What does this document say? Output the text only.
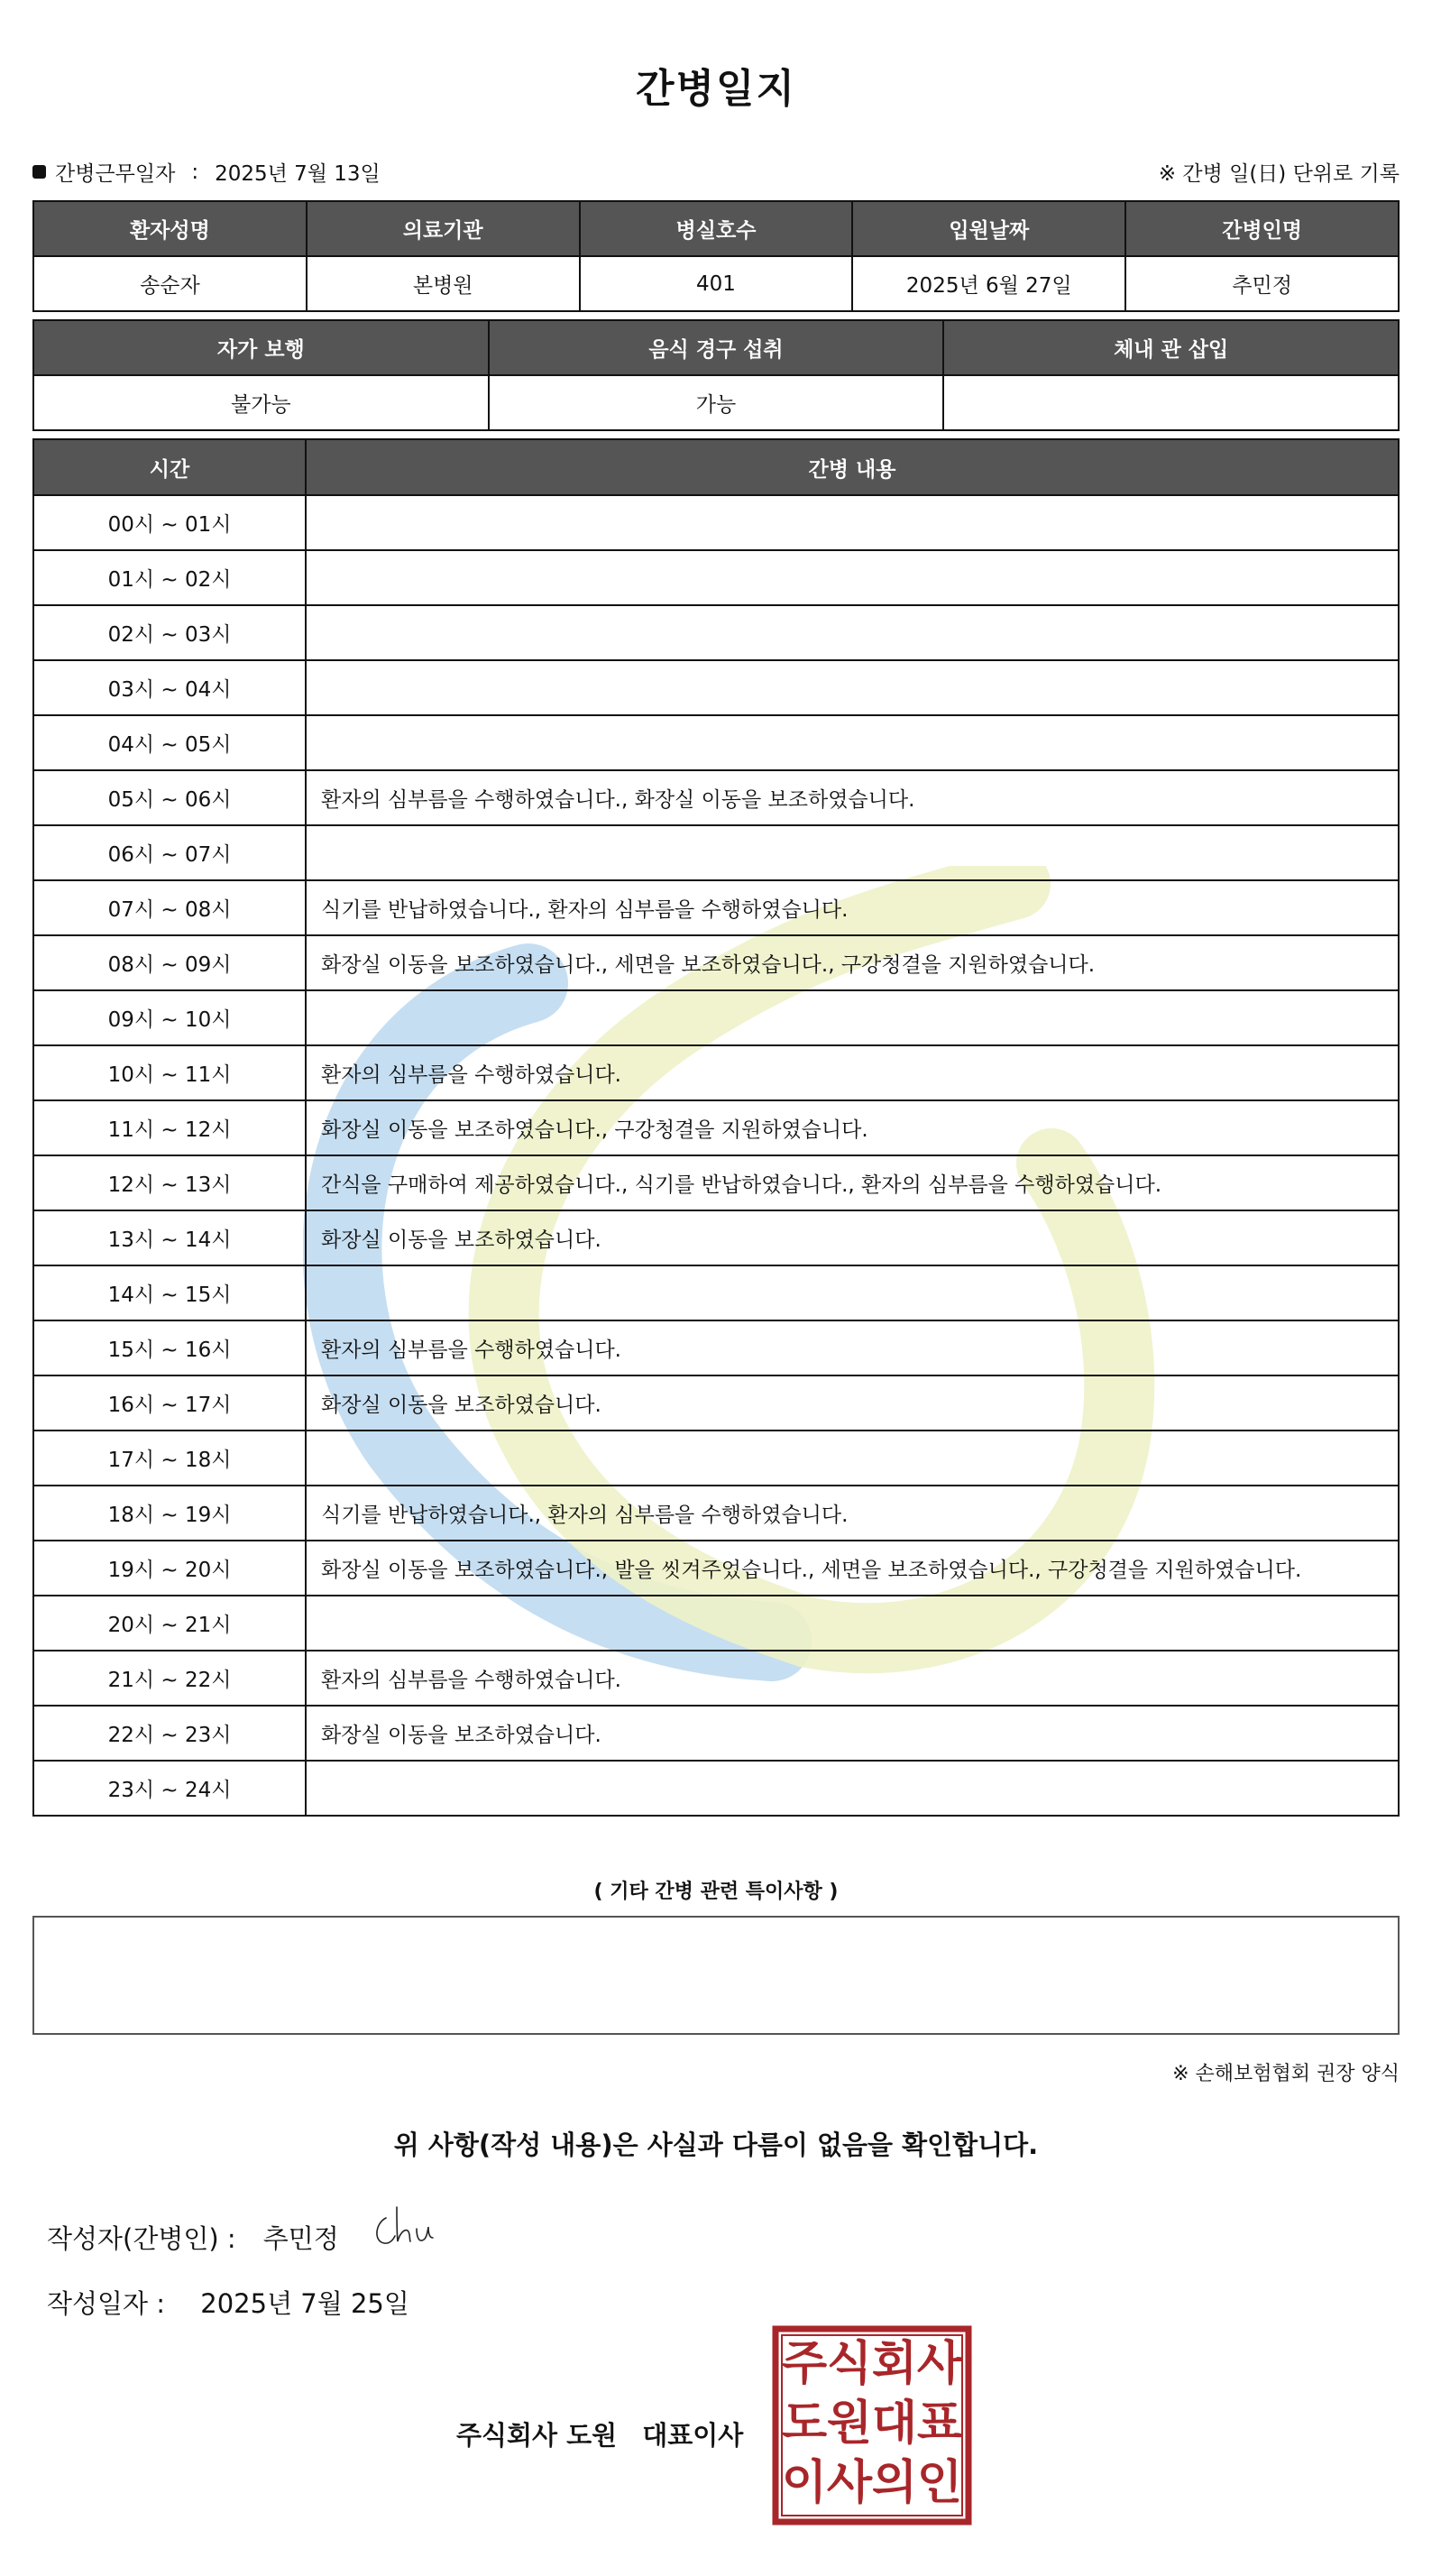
간병일지
간병근무일자 : 2025년 7월 13일	※ 간병 일(日) 단위로 기록
환자성명	의료기관	병실호수	입원날짜	간병인명
송순자	본병원	401	2025년 6월 27일	추민정
자가 보행	음식 경구 섭취	체내 관 삽입
불가능	가능	
시간	간병 내용
00시 ~ 01시	
01시 ~ 02시	
02시 ~ 03시	
03시 ~ 04시	
04시 ~ 05시	
05시 ~ 06시	환자의 심부름을 수행하였습니다., 화장실 이동을 보조하였습니다.
06시 ~ 07시	
07시 ~ 08시	식기를 반납하였습니다., 환자의 심부름을 수행하였습니다.
08시 ~ 09시	화장실 이동을 보조하였습니다., 세면을 보조하였습니다., 구강청결을 지원하였습니다.
09시 ~ 10시	
10시 ~ 11시	환자의 심부름을 수행하였습니다.
11시 ~ 12시	화장실 이동을 보조하였습니다., 구강청결을 지원하였습니다.
12시 ~ 13시	간식을 구매하여 제공하였습니다., 식기를 반납하였습니다., 환자의 심부름을 수행하였습니다.
13시 ~ 14시	화장실 이동을 보조하였습니다.
14시 ~ 15시	
15시 ~ 16시	환자의 심부름을 수행하였습니다.
16시 ~ 17시	화장실 이동을 보조하였습니다.
17시 ~ 18시	
18시 ~ 19시	식기를 반납하였습니다., 환자의 심부름을 수행하였습니다.
19시 ~ 20시	화장실 이동을 보조하였습니다., 발을 씻겨주었습니다., 세면을 보조하였습니다., 구강청결을 지원하였습니다.
20시 ~ 21시	
21시 ~ 22시	환자의 심부름을 수행하였습니다.
22시 ~ 23시	화장실 이동을 보조하였습니다.
23시 ~ 24시	
( 기타 간병 관련 특이사항 )
※ 손해보험협회 권장 양식
위 사항(작성 내용)은 사실과 다름이 없음을 확인합니다.
작성자(간병인) : 추민정
작성일자 : 2025년 7월 25일
주식회사 도원 대표이사
주 식 회 사
도 원 대 표
이 사 의 인
